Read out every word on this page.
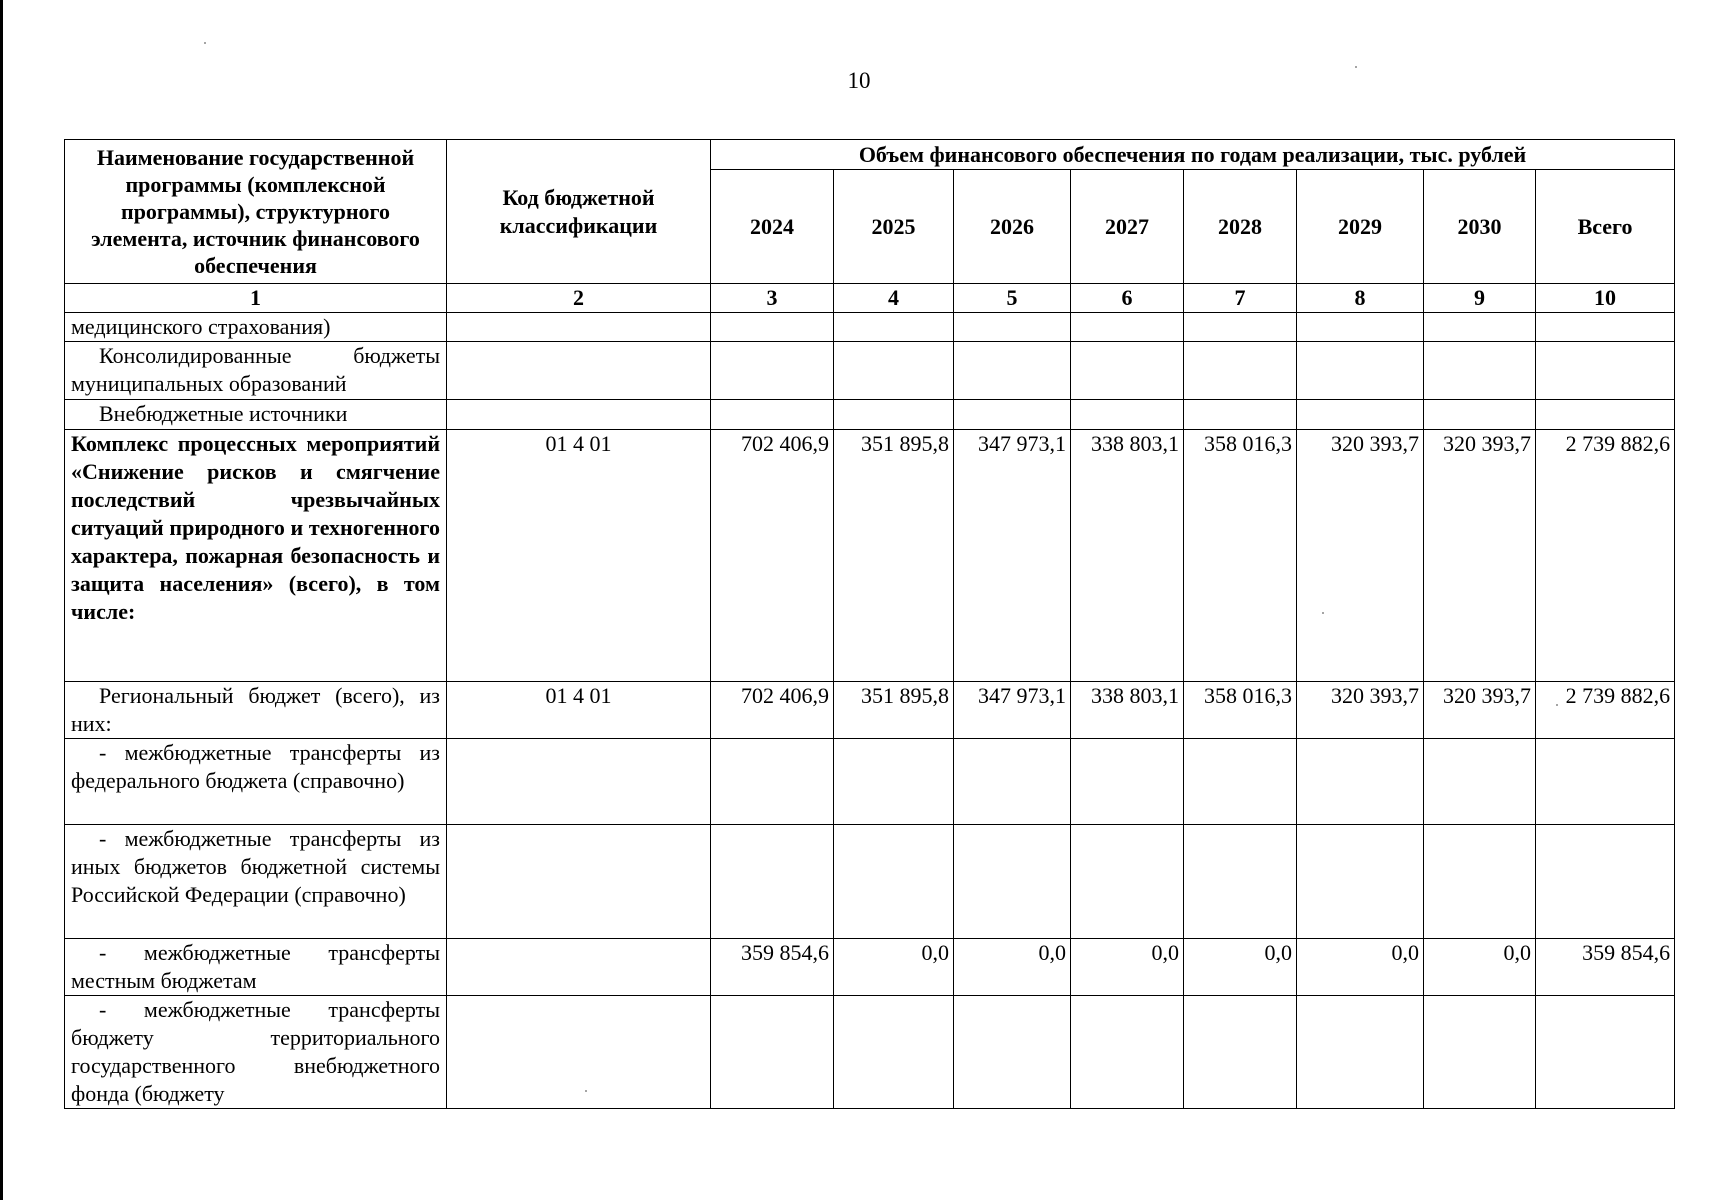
10
Наименование государственной программы (комплексной программы), структурного элемента, источник финансового обеспечения	Код бюджетной классификации	Объем финансового обеспечения по годам реализации, тыс. рублей							
		2024	2025	2026	2027	2028	2029	2030	Всего
1	2	3	4	5	6	7	8	9	10
медицинского страхования)									
Консолидированные бюджеты муниципальных образований									
Внебюджетные источники									
Комплекс процессных мероприятий «Снижение рисков и смягчение последствий чрезвычайных ситуаций природного и техногенного характера, пожарная безопасность и защита населения» (всего), в том числе:	01 4 01	702 406,9	351 895,8	347 973,1	338 803,1	358 016,3	320 393,7	320 393,7	2 739 882,6
Региональный бюджет (всего), из них:	01 4 01	702 406,9	351 895,8	347 973,1	338 803,1	358 016,3	320 393,7	320 393,7	2 739 882,6
- межбюджетные трансферты из федерального бюджета (справочно)									
- межбюджетные трансферты из иных бюджетов бюджетной системы Российской Федерации (справочно)									
- межбюджетные трансферты местным бюджетам		359 854,6	0,0	0,0	0,0	0,0	0,0	0,0	359 854,6
- межбюджетные трансферты бюджету территориального государственного внебюджетного фонда (бюджету									
